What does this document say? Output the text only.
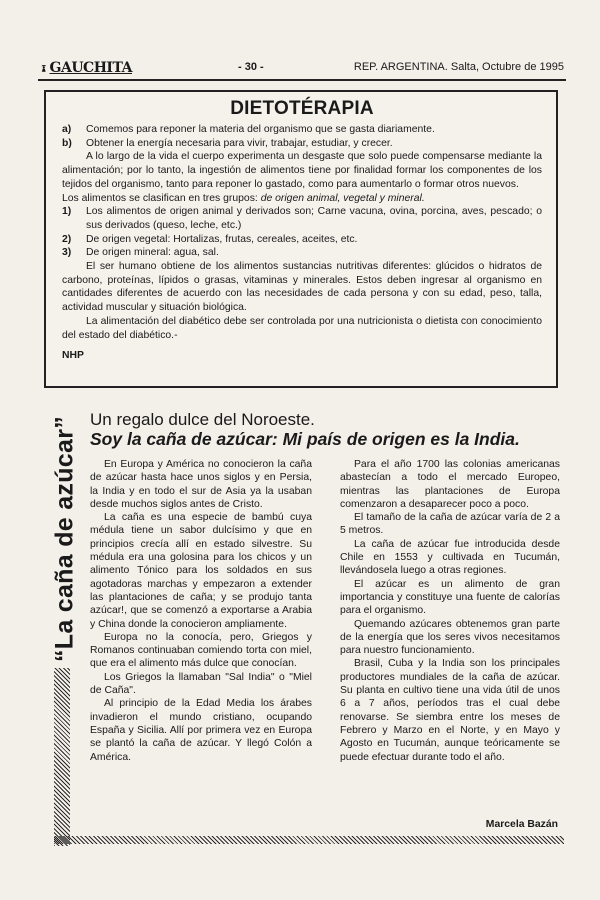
GAUCHITA	- 30 -	REP. ARGENTINA. Salta, Octubre de 1995
DIETOTÉRAPIA
a)	Comemos para reponer la materia del organismo que se gasta diariamente.
b)	Obtener la energía necesaria para vivir, trabajar, estudiar, y crecer.

A lo largo de la vida el cuerpo experimenta un desgaste que solo puede compensarse mediante la alimentación; por lo tanto, la ingestión de alimentos tiene por finalidad formar los componentes de los tejidos del organismo, tanto para reponer lo gastado, como para aumentarlo o formar otros nuevos.

Los alimentos se clasifican en tres grupos: de origen animal, vegetal y mineral.

1)	Los alimentos de origen animal y derivados son; Carne vacuna, ovina, porcina, aves, pescado; o sus derivados (queso, leche, etc.)
2)	De origen vegetal: Hortalizas, frutas, cereales, aceites, etc.
3)	De origen mineral: agua, sal.

El ser humano obtiene de los alimentos sustancias nutritivas diferentes: glúcidos o hidratos de carbono, proteínas, lípidos o grasas, vitaminas y minerales. Estos deben ingresar al organismo en cantidades diferentes de acuerdo con las necesidades de cada persona y con su edad, peso, talla, actividad muscular y situación biológica.

La alimentación del diabético debe ser controlada por una nutricionista o dietista con conocimiento del estado del diabético.-

NHP

“La caña de azúcar” Un regalo dulce del Noroeste.
Soy la caña de azúcar: Mi país de origen es la India.

En Europa y América no conocieron la caña de azúcar hasta hace unos siglos y en Persia, la India y en todo el sur de Asia ya la usaban desde muchos siglos antes de Cristo.

La caña es una especie de bambú cuya médula tiene un sabor dulcísimo y que en principios crecía allí en estado silvestre. Su médula era una golosina para los chicos y un alimento Tónico para los soldados en sus agotadoras marchas y empezaron a extender las plantaciones de caña; y se produjo tanta azúcar!, que se comenzó a exportarse a Arabia y China donde la conocieron ampliamente.

Europa no la conocía, pero, Griegos y Romanos continuaban comiendo torta con miel, que era el alimento más dulce que conocían.

Los Griegos la llamaban "Sal India" o "Miel de Caña".

Al principio de la Edad Media los árabes invadieron el mundo cristiano, ocupando España y Sicilia. Allí por primera vez en Europa se plantó la caña de azúcar. Y llegó Colón a América.

Para el año 1700 las colonias americanas abastecían a todo el mercado Europeo, mientras las plantaciones de Europa comenzaron a desaparecer poco a poco.

El tamaño de la caña de azúcar varía de 2 a 5 metros.

La caña de azúcar fue introducida desde Chile en 1553 y cultivada en Tucumán, llevándosela luego a otras regiones.

El azúcar es un alimento de gran importancia y constituye una fuente de calorías para el organismo.

Quemando azúcares obtenemos gran parte de la energía que los seres vivos necesitamos para nuestro funcionamiento.

Brasil, Cuba y la India son los principales productores mundiales de la caña de azúcar. Su planta en cultivo tiene una vida útil de unos 6 a 7 años, períodos tras el cual debe renovarse. Se siembra entre los meses de Febrero y Marzo en el Norte, y en Mayo y Agosto en Tucumán, aunque teóricamente se puede efectuar durante todo el año.

Marcela Bazán
